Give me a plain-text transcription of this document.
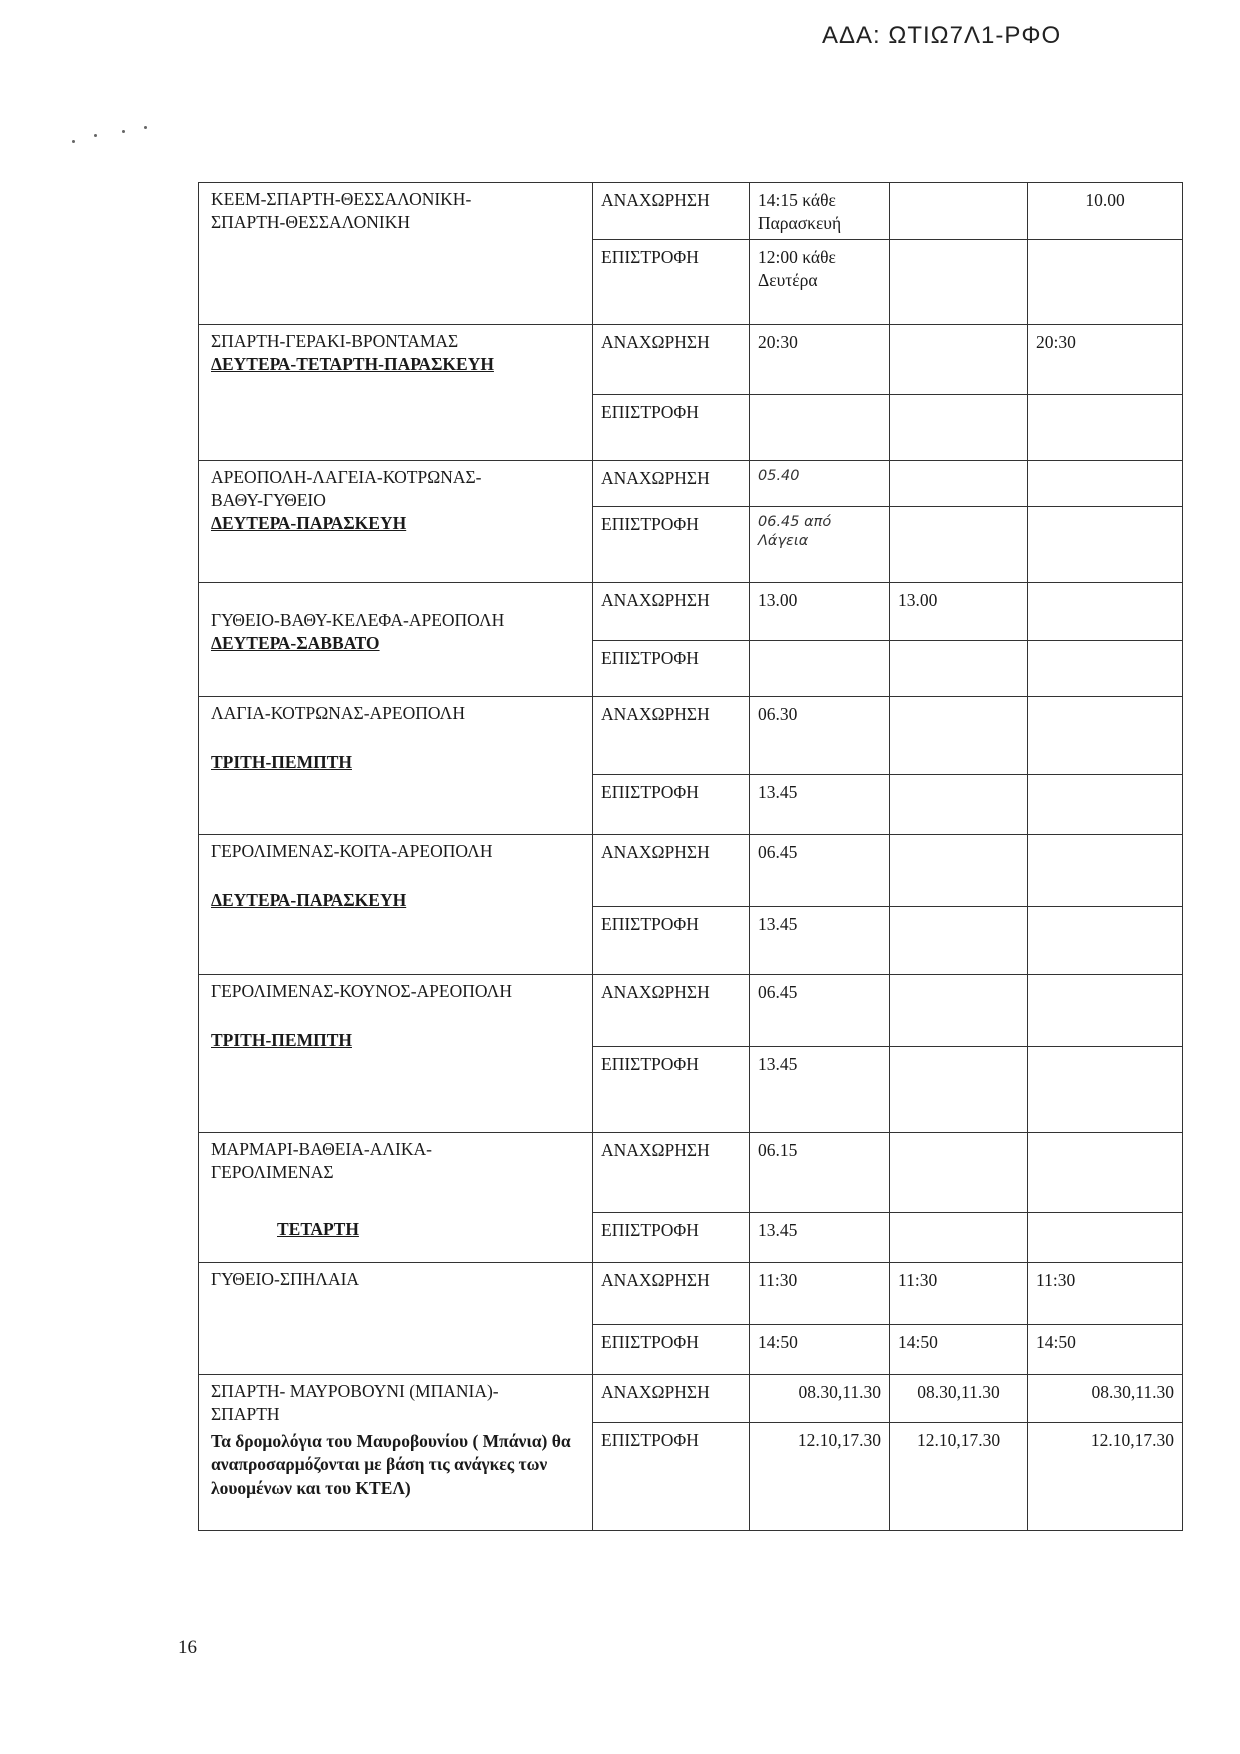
ΑΔΑ: ΩΤΙΩ7Λ1-ΡΦΟ
ΚΕΕΜ-ΣΠΑΡΤΗ-ΘΕΣΣΑΛΟΝΙΚΗ-
ΣΠΑΡΤΗ-ΘΕΣΣΑΛΟΝΙΚΗ	ΑΝΑΧΩΡΗΣΗ	14:15 κάθε Παρασκευή		10.00
	ΕΠΙΣΤΡΟΦΗ	12:00 κάθε Δευτέρα		

ΣΠΑΡΤΗ-ΓΕΡΑΚΙ-ΒΡΟΝΤΑΜΑΣ
ΔΕΥΤΕΡΑ-ΤΕΤΑΡΤΗ-ΠΑΡΑΣΚΕΥΗ	ΑΝΑΧΩΡΗΣΗ	20:30		20:30
	ΕΠΙΣΤΡΟΦΗ			

ΑΡΕΟΠΟΛΗ-ΛΑΓΕΙΑ-ΚΟΤΡΩΝΑΣ-
ΒΑΘΥ-ΓΥΘΕΙΟ
ΔΕΥΤΕΡΑ-ΠΑΡΑΣΚΕΥΗ	ΑΝΑΧΩΡΗΣΗ	05.40		
	ΕΠΙΣΤΡΟΦΗ	06.45 από Λάγεια		

ΓΥΘΕΙΟ-ΒΑΘΥ-ΚΕΛΕΦΑ-ΑΡΕΟΠΟΛΗ
ΔΕΥΤΕΡΑ-ΣΑΒΒΑΤΟ	ΑΝΑΧΩΡΗΣΗ	13.00	13.00	
	ΕΠΙΣΤΡΟΦΗ			

ΛΑΓΙΑ-ΚΟΤΡΩΝΑΣ-ΑΡΕΟΠΟΛΗ
ΤΡΙΤΗ-ΠΕΜΠΤΗ	ΑΝΑΧΩΡΗΣΗ	06.30		
	ΕΠΙΣΤΡΟΦΗ	13.45		

ΓΕΡΟΛΙΜΕΝΑΣ-ΚΟΙΤΑ-ΑΡΕΟΠΟΛΗ
ΔΕΥΤΕΡΑ-ΠΑΡΑΣΚΕΥΗ	ΑΝΑΧΩΡΗΣΗ	06.45		
	ΕΠΙΣΤΡΟΦΗ	13.45		

ΓΕΡΟΛΙΜΕΝΑΣ-ΚΟΥΝΟΣ-ΑΡΕΟΠΟΛΗ
ΤΡΙΤΗ-ΠΕΜΠΤΗ	ΑΝΑΧΩΡΗΣΗ	06.45		
	ΕΠΙΣΤΡΟΦΗ	13.45		

ΜΑΡΜΑΡΙ-ΒΑΘΕΙΑ-ΑΛΙΚΑ-
ΓΕΡΟΛΙΜΕΝΑΣ
ΤΕΤΑΡΤΗ	ΑΝΑΧΩΡΗΣΗ	06.15		
	ΕΠΙΣΤΡΟΦΗ	13.45		

ΓΥΘΕΙΟ-ΣΠΗΛΑΙΑ	ΑΝΑΧΩΡΗΣΗ	11:30	11:30	11:30
	ΕΠΙΣΤΡΟΦΗ	14:50	14:50	14:50

ΣΠΑΡΤΗ- ΜΑΥΡΟΒΟΥΝΙ (ΜΠΑΝΙΑ)-
ΣΠΑΡΤΗ
Τα δρομολόγια του Μαυροβουνίου ( Μπάνια) θα αναπροσαρμόζονται με βάση τις ανάγκες των λουομένων και του ΚΤΕΛ)	ΑΝΑΧΩΡΗΣΗ	08.30,11.30	08.30,11.30	08.30,11.30
	ΕΠΙΣΤΡΟΦΗ	12.10,17.30	12.10,17.30	12.10,17.30
16
